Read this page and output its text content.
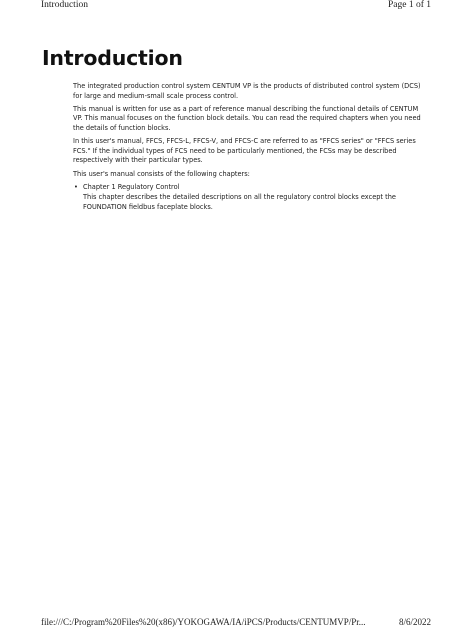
Introduction	Page 1 of 1
Introduction

The integrated production control system CENTUM VP is the products of distributed control system (DCS) for large and medium-small scale process control.

This manual is written for use as a part of reference manual describing the functional details of CENTUM VP. This manual focuses on the function block details. You can read the required chapters when you need the details of function blocks.

In this user's manual, FFCS, FFCS-L, FFCS-V, and FFCS-C are referred to as "FFCS series" or "FFCS series FCS." If the individual types of FCS need to be particularly mentioned, the FCSs may be described respectively with their particular types.

This user's manual consists of the following chapters:

• Chapter 1 Regulatory Control
This chapter describes the detailed descriptions on all the regulatory control blocks except the FOUNDATION fieldbus faceplate blocks.
file:///C:/Program%20Files%20(x86)/YOKOGAWA/IA/iPCS/Products/CENTUMVP/Pr...	8/6/2022
